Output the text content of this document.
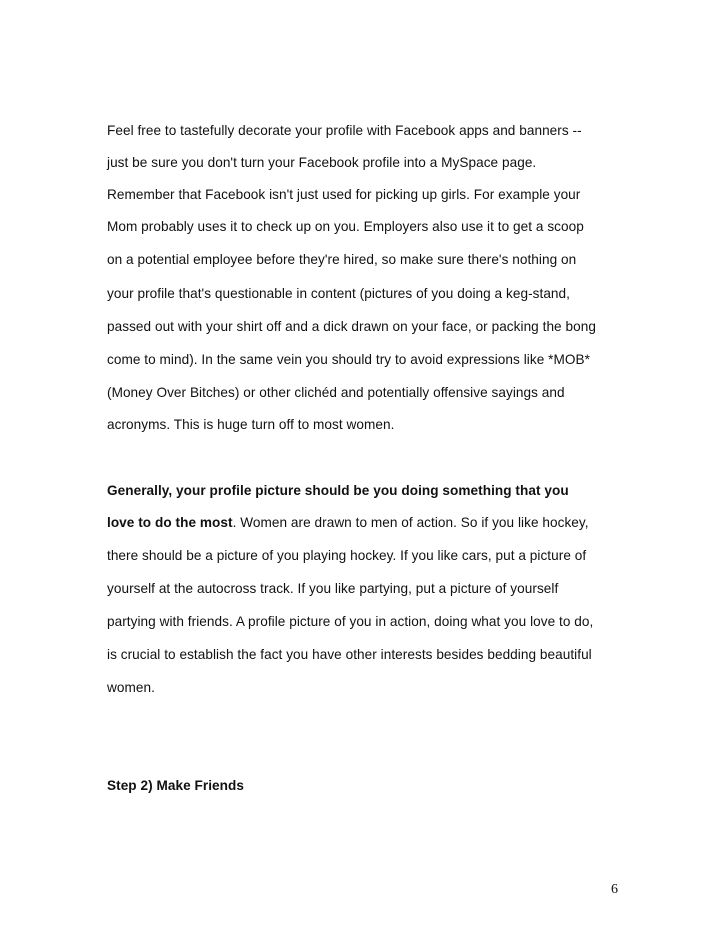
Feel free to tastefully decorate your profile with Facebook apps and banners --
just be sure you don't turn your Facebook profile into a MySpace page.
Remember that Facebook isn't just used for picking up girls. For example your
Mom probably uses it to check up on you. Employers also use it to get a scoop
on a potential employee before they're hired, so make sure there's nothing on
your profile that's questionable in content (pictures of you doing a keg-stand,
passed out with your shirt off and a dick drawn on your face, or packing the bong
come to mind). In the same vein you should try to avoid expressions like *MOB*
(Money Over Bitches) or other clichéd and potentially offensive sayings and
acronyms. This is huge turn off to most women.
Generally, your profile picture should be you doing something that you
love to do the most. Women are drawn to men of action. So if you like hockey,
there should be a picture of you playing hockey. If you like cars, put a picture of
yourself at the autocross track. If you like partying, put a picture of yourself
partying with friends. A profile picture of you in action, doing what you love to do,
is crucial to establish the fact you have other interests besides bedding beautiful
women.
Step 2) Make Friends
6
